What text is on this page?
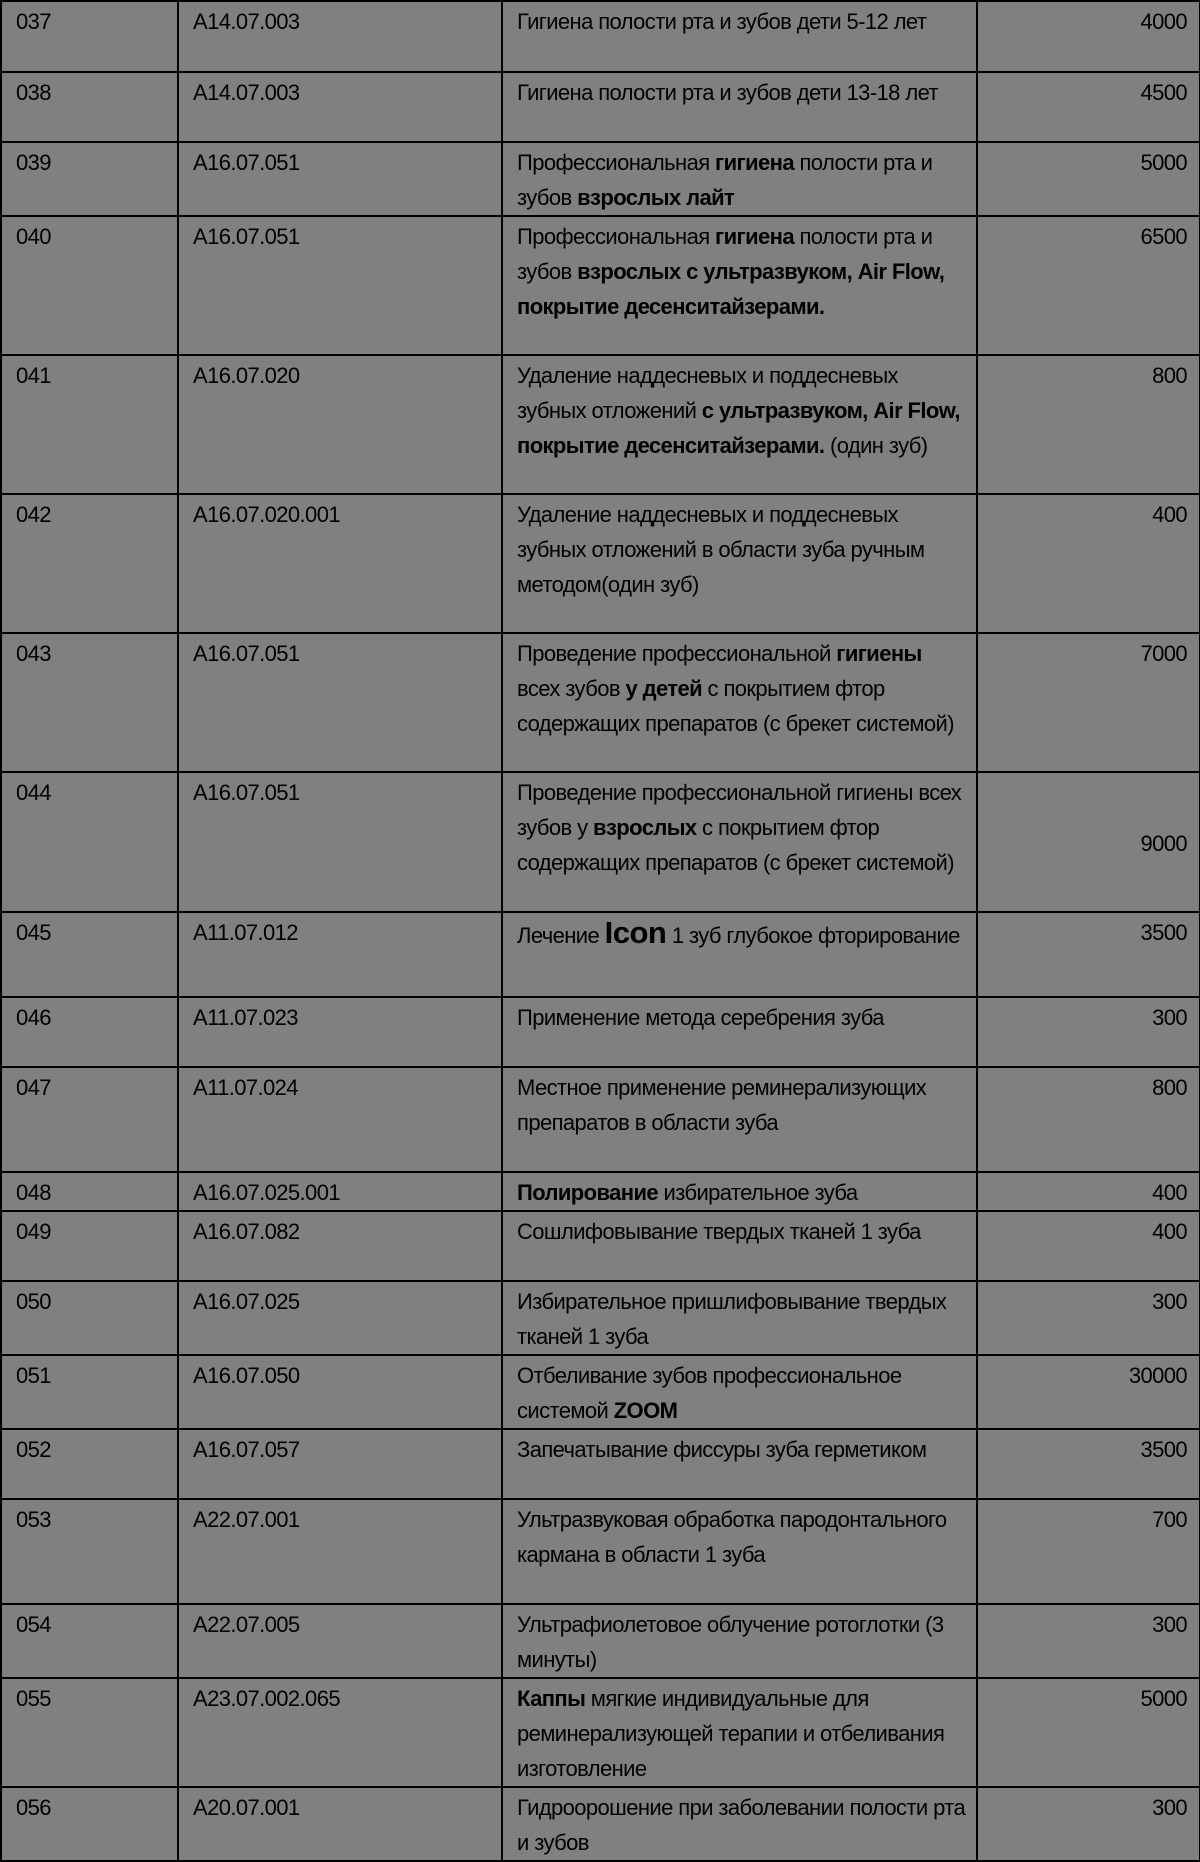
037	A14.07.003	Гигиена полости рта и зубов дети 5-12 лет	4000
038	A14.07.003	Гигиена полости рта и зубов дети 13-18 лет	4500
039	A16.07.051	Профессиональная гигиена полости рта и зубов взрослых лайт	5000
040	A16.07.051	Профессиональная гигиена полости рта и зубов взрослых с ультразвуком, Air Flow, покрытие десенситайзерами.	6500
041	A16.07.020	Удаление наддесневых и поддесневых зубных отложений с ультразвуком, Air Flow, покрытие десенситайзерами. (один зуб)	800
042	A16.07.020.001	Удаление наддесневых и поддесневых зубных отложений в области зуба ручным методом(один зуб)	400
043	A16.07.051	Проведение профессиональной гигиены всех зубов у детей с покрытием фтор содержащих препаратов (с брекет системой)	7000
044	A16.07.051	Проведение профессиональной гигиены всех зубов у взрослых с покрытием фтор содержащих препаратов (с брекет системой)	9000
045	A11.07.012	Лечение Icon 1 зуб глубокое фторирование	3500
046	A11.07.023	Применение метода серебрения зуба	300
047	A11.07.024	Местное применение реминерализующих препаратов в области зуба	800
048	A16.07.025.001	Полирование избирательное зуба	400
049	A16.07.082	Сошлифовывание твердых тканей 1 зуба	400
050	A16.07.025	Избирательное пришлифовывание твердых тканей 1 зуба	300
051	A16.07.050	Отбеливание зубов профессиональное системой ZOOM	30000
052	A16.07.057	Запечатывание фиссуры зуба герметиком	3500
053	A22.07.001	Ультразвуковая обработка пародонтального кармана в области 1 зуба	700
054	A22.07.005	Ультрафиолетовое облучение ротоглотки (3 минуты)	300
055	A23.07.002.065	Каппы мягкие индивидуальные для реминерализующей терапии и отбеливания изготовление	5000
056	A20.07.001	Гидроорошение при заболевании полости рта и зубов	300
